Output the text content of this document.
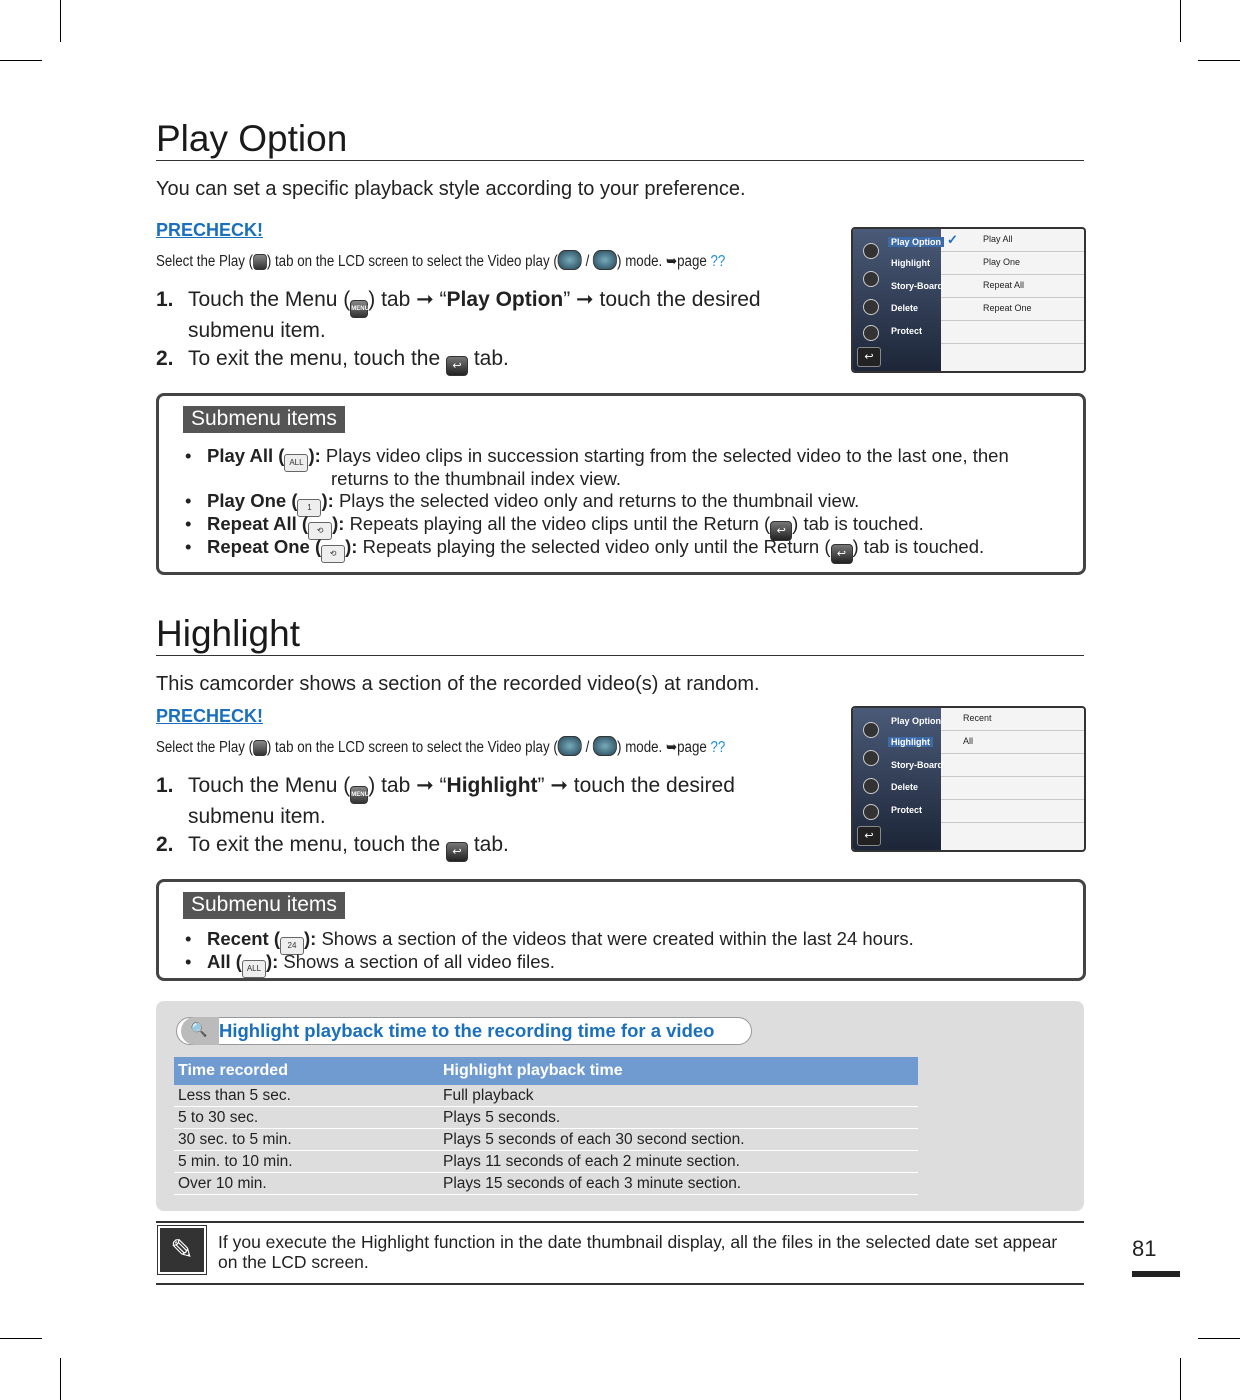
Play Option
You can set a specific playback style according to your preference.
PRECHECK!
Select the Play ( ) tab on the LCD screen to select the Video play ( / ) mode. ➥page ??
1. Touch the Menu (MENU) tab ➞ “Play Option” ➞ touch the desired
submenu item.
2. To exit the menu, touch the ↩ tab.
Play Option
Highlight
Story-Board
Delete
Protect
✓	Play All
Play One
Repeat All
Repeat One
↩
Submenu items
• Play All ( ALL ): Plays video clips in succession starting from the selected video to the last one, then
returns to the thumbnail index view.
• Play One ( 1 ): Plays the selected video only and returns to the thumbnail view.
• Repeat All ( ⟲ ): Repeats playing all the video clips until the Return ( ↩ ) tab is touched.
• Repeat One ( ⟲ ): Repeats playing the selected video only until the Return ( ↩ ) tab is touched.
Highlight
This camcorder shows a section of the recorded video(s) at random.
PRECHECK!
Select the Play ( ) tab on the LCD screen to select the Video play ( / ) mode. ➥page ??
1. Touch the Menu (MENU) tab ➞ “Highlight” ➞ touch the desired
submenu item.
2. To exit the menu, touch the ↩ tab.
Play Option
Highlight
Story-Board
Delete
Protect
Recent
All
↩
Submenu items
• Recent ( 24 ): Shows a section of the videos that were created within the last 24 hours.
• All ( ALL ): Shows a section of all video files.
🔍
Highlight playback time to the recording time for a video
Time recorded	Highlight playback time
Less than 5 sec.	Full playback
5 to 30 sec.	Plays 5 seconds.
30 sec. to 5 min.	Plays 5 seconds of each 30 second section.
5 min. to 10 min.	Plays 11 seconds of each 2 minute section.
Over 10 min.	Plays 15 seconds of each 3 minute section.
✎	If you execute the Highlight function in the date thumbnail display, all the files in the selected date set appear on the LCD screen.
81
